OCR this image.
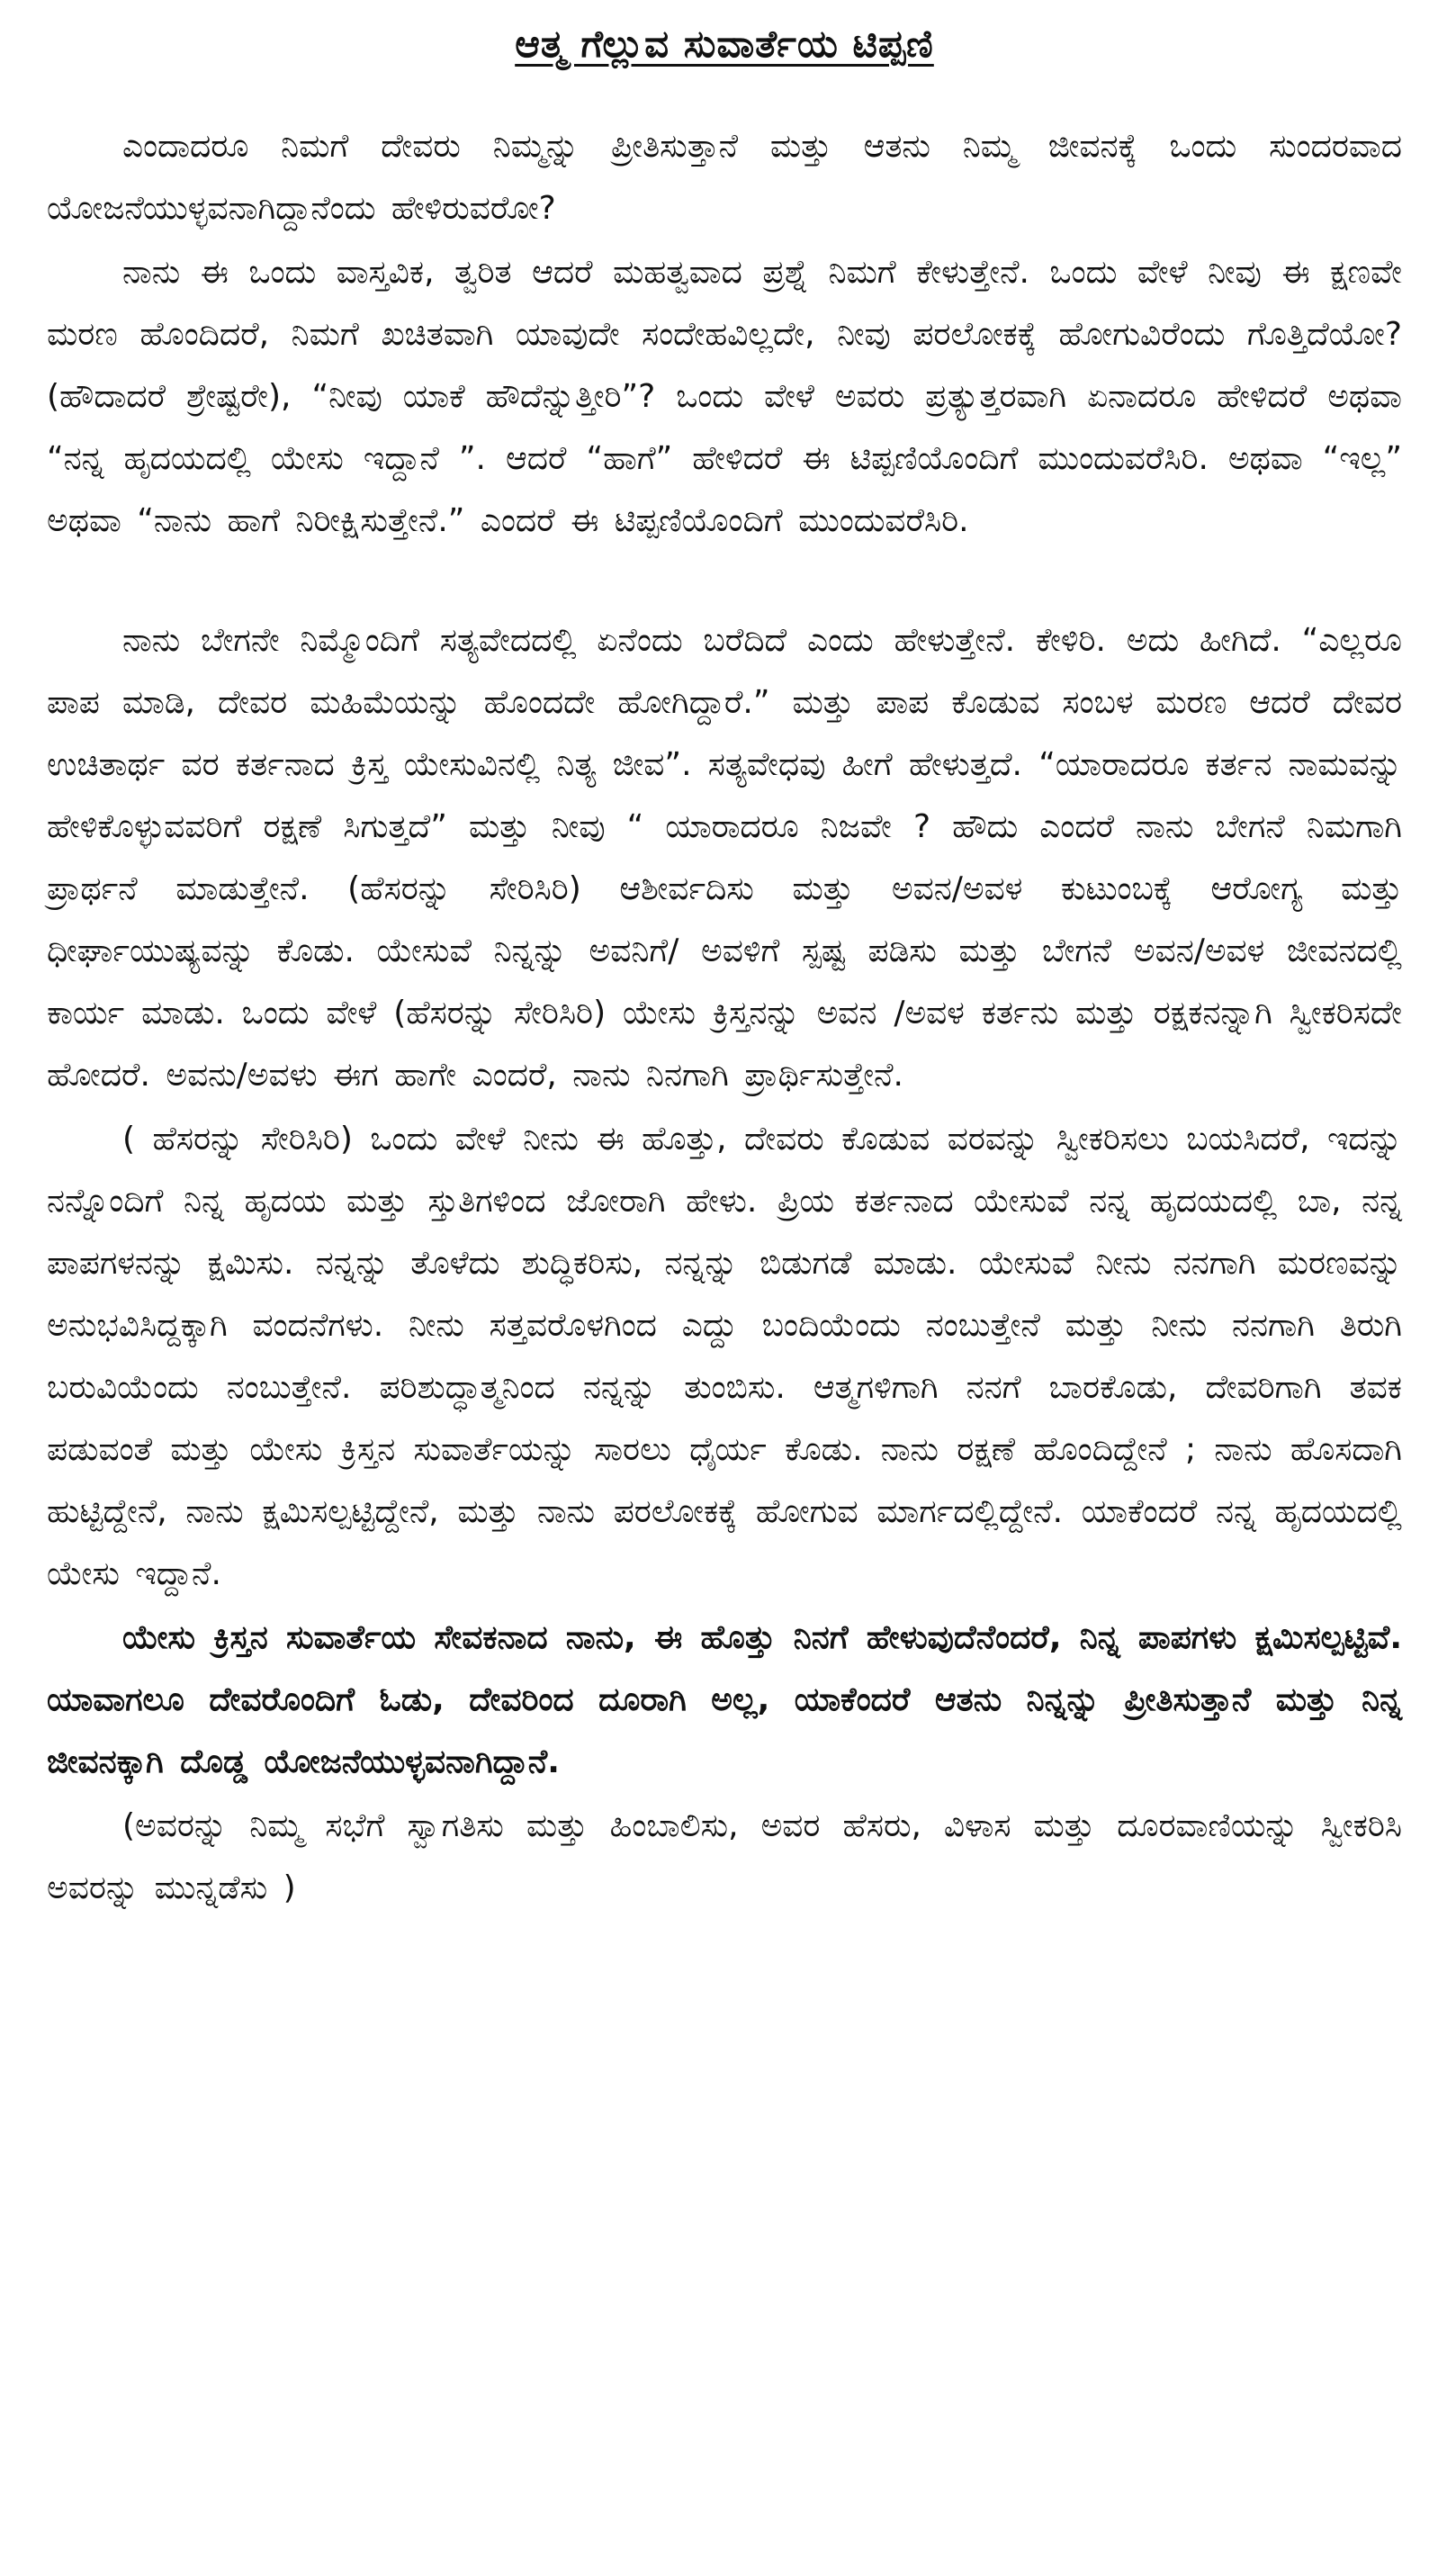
ಆತ್ಮ ಗೆಲ್ಲುವ ಸುವಾರ್ತೆಯ ಟಿಪ್ಪಣಿ

ಎಂದಾದರೂ ನಿಮಗೆ ದೇವರು ನಿಮ್ಮನ್ನು ಪ್ರೀತಿಸುತ್ತಾನೆ ಮತ್ತು ಆತನು ನಿಮ್ಮ ಜೀವನಕ್ಕೆ ಒಂದು ಸುಂದರವಾದ ಯೋಜನೆಯುಳ್ಳವನಾಗಿದ್ದಾನೆಂದು ಹೇಳಿರುವರೋ?

ನಾನು ಈ ಒಂದು ವಾಸ್ತವಿಕ, ತ್ವರಿತ ಆದರೆ ಮಹತ್ವವಾದ ಪ್ರಶ್ನೆ ನಿಮಗೆ ಕೇಳುತ್ತೇನೆ. ಒಂದು ವೇಳೆ ನೀವು ಈ ಕ್ಷಣವೇ ಮರಣ ಹೊಂದಿದರೆ, ನಿಮಗೆ ಖಚಿತವಾಗಿ ಯಾವುದೇ ಸಂದೇಹವಿಲ್ಲದೇ, ನೀವು ಪರಲೋಕಕ್ಕೆ ಹೋಗುವಿರೆಂದು ಗೊತ್ತಿದೆಯೋ? (ಹೌದಾದರೆ ಶ್ರೇಷ್ಟರೇ), “ನೀವು ಯಾಕೆ ಹೌದೆನ್ನುತ್ತೀರಿ”? ಒಂದು ವೇಳೆ ಅವರು ಪ್ರತ್ಯುತ್ತರವಾಗಿ ಏನಾದರೂ ಹೇಳಿದರೆ ಅಥವಾ “ನನ್ನ ಹೃದಯದಲ್ಲಿ ಯೇಸು ಇದ್ದಾನೆ ”. ಆದರೆ “ಹಾಗೆ” ಹೇಳಿದರೆ ಈ ಟಿಪ್ಪಣಿಯೊಂದಿಗೆ ಮುಂದುವರೆಸಿರಿ. ಅಥವಾ “ಇಲ್ಲ” ಅಥವಾ “ನಾನು ಹಾಗೆ ನಿರೀಕ್ಷಿಸುತ್ತೇನೆ.” ಎಂದರೆ ಈ ಟಿಪ್ಪಣಿಯೊಂದಿಗೆ ಮುಂದುವರೆಸಿರಿ.

ನಾನು ಬೇಗನೇ ನಿಮ್ಮೊಂದಿಗೆ ಸತ್ಯವೇದದಲ್ಲಿ ಏನೆಂದು ಬರೆದಿದೆ ಎಂದು ಹೇಳುತ್ತೇನೆ. ಕೇಳಿರಿ. ಅದು ಹೀಗಿದೆ. “ಎಲ್ಲರೂ ಪಾಪ ಮಾಡಿ, ದೇವರ ಮಹಿಮೆಯನ್ನು ಹೊಂದದೇ ಹೋಗಿದ್ದಾರೆ.” ಮತ್ತು ಪಾಪ ಕೊಡುವ ಸಂಬಳ ಮರಣ ಆದರೆ ದೇವರ ಉಚಿತಾರ್ಥ ವರ ಕರ್ತನಾದ ಕ್ರಿಸ್ತ ಯೇಸುವಿನಲ್ಲಿ ನಿತ್ಯ ಜೀವ”. ಸತ್ಯವೇಧವು ಹೀಗೆ ಹೇಳುತ್ತದೆ. “ಯಾರಾದರೂ ಕರ್ತನ ನಾಮವನ್ನು ಹೇಳಿಕೊಳ್ಳುವವರಿಗೆ ರಕ್ಷಣೆ ಸಿಗುತ್ತದೆ” ಮತ್ತು ನೀವು “ ಯಾರಾದರೂ ನಿಜವೇ ? ಹೌದು ಎಂದರೆ ನಾನು ಬೇಗನೆ ನಿಮಗಾಗಿ ಪ್ರಾರ್ಥನೆ ಮಾಡುತ್ತೇನೆ. (ಹೆಸರನ್ನು ಸೇರಿಸಿರಿ) ಆಶೀರ್ವದಿಸು ಮತ್ತು ಅವನ/ಅವಳ ಕುಟುಂಬಕ್ಕೆ ಆರೋಗ್ಯ ಮತ್ತು ಧೀರ್ಘಾಯುಷ್ಯವನ್ನು ಕೊಡು. ಯೇಸುವೆ ನಿನ್ನನ್ನು ಅವನಿಗೆ/ ಅವಳಿಗೆ ಸ್ಪಷ್ಟ ಪಡಿಸು ಮತ್ತು ಬೇಗನೆ ಅವನ/ಅವಳ ಜೀವನದಲ್ಲಿ ಕಾರ್ಯ ಮಾಡು. ಒಂದು ವೇಳೆ (ಹೆಸರನ್ನು ಸೇರಿಸಿರಿ) ಯೇಸು ಕ್ರಿಸ್ತನನ್ನು ಅವನ /ಅವಳ ಕರ್ತನು ಮತ್ತು ರಕ್ಷಕನನ್ನಾಗಿ ಸ್ವೀಕರಿಸದೇ ಹೋದರೆ. ಅವನು/ಅವಳು ಈಗ ಹಾಗೇ ಎಂದರೆ, ನಾನು ನಿನಗಾಗಿ ಪ್ರಾರ್ಥಿಸುತ್ತೇನೆ.

( ಹೆಸರನ್ನು ಸೇರಿಸಿರಿ) ಒಂದು ವೇಳೆ ನೀನು ಈ ಹೊತ್ತು, ದೇವರು ಕೊಡುವ ವರವನ್ನು ಸ್ವೀಕರಿಸಲು ಬಯಸಿದರೆ, ಇದನ್ನು ನನ್ನೊಂದಿಗೆ ನಿನ್ನ ಹೃದಯ ಮತ್ತು ಸ್ತುತಿಗಳಿಂದ ಜೋರಾಗಿ ಹೇಳು. ಪ್ರಿಯ ಕರ್ತನಾದ ಯೇಸುವೆ ನನ್ನ ಹೃದಯದಲ್ಲಿ ಬಾ, ನನ್ನ ಪಾಪಗಳನನ್ನು ಕ್ಷಮಿಸು. ನನ್ನನ್ನು ತೊಳೆದು ಶುದ್ಧಿಕರಿಸು, ನನ್ನನ್ನು ಬಿಡುಗಡೆ ಮಾಡು. ಯೇಸುವೆ ನೀನು ನನಗಾಗಿ ಮರಣವನ್ನು ಅನುಭವಿಸಿದ್ದಕ್ಕಾಗಿ ವಂದನೆಗಳು. ನೀನು ಸತ್ತವರೊಳಗಿಂದ ಎದ್ದು ಬಂದಿಯೆಂದು ನಂಬುತ್ತೇನೆ ಮತ್ತು ನೀನು ನನಗಾಗಿ ತಿರುಗಿ ಬರುವಿಯೆಂದು ನಂಬುತ್ತೇನೆ. ಪರಿಶುದ್ಧಾತ್ಮನಿಂದ ನನ್ನನ್ನು ತುಂಬಿಸು. ಆತ್ಮಗಳಿಗಾಗಿ ನನಗೆ ಬಾರಕೊಡು, ದೇವರಿಗಾಗಿ ತವಕ ಪಡುವಂತೆ ಮತ್ತು ಯೇಸು ಕ್ರಿಸ್ತನ ಸುವಾರ್ತೆಯನ್ನು ಸಾರಲು ಧೈರ್ಯ ಕೊಡು. ನಾನು ರಕ್ಷಣೆ ಹೊಂದಿದ್ದೇನೆ ; ನಾನು ಹೊಸದಾಗಿ ಹುಟ್ಟಿದ್ದೇನೆ, ನಾನು ಕ್ಷಮಿಸಲ್ಪಟ್ಟಿದ್ದೇನೆ, ಮತ್ತು ನಾನು ಪರಲೋಕಕ್ಕೆ ಹೋಗುವ ಮಾರ್ಗದಲ್ಲಿದ್ದೇನೆ. ಯಾಕೆಂದರೆ ನನ್ನ ಹೃದಯದಲ್ಲಿ ಯೇಸು ಇದ್ದಾನೆ.

ಯೇಸು ಕ್ರಿಸ್ತನ ಸುವಾರ್ತೆಯ ಸೇವಕನಾದ ನಾನು, ಈ ಹೊತ್ತು ನಿನಗೆ ಹೇಳುವುದೆನೆಂದರೆ, ನಿನ್ನ ಪಾಪಗಳು ಕ್ಷಮಿಸಲ್ಪಟ್ಟಿವೆ. ಯಾವಾಗಲೂ ದೇವರೊಂದಿಗೆ ಓಡು, ದೇವರಿಂದ ದೂರಾಗಿ ಅಲ್ಲ, ಯಾಕೆಂದರೆ ಆತನು ನಿನ್ನನ್ನು ಪ್ರೀತಿಸುತ್ತಾನೆ ಮತ್ತು ನಿನ್ನ ಜೀವನಕ್ಕಾಗಿ ದೊಡ್ಡ ಯೋಜನೆಯುಳ್ಳವನಾಗಿದ್ದಾನೆ.

(ಅವರನ್ನು ನಿಮ್ಮ ಸಭೆಗೆ ಸ್ವಾಗತಿಸು ಮತ್ತು ಹಿಂಬಾಲಿಸು, ಅವರ ಹೆಸರು, ವಿಳಾಸ ಮತ್ತು ದೂರವಾಣಿಯನ್ನು ಸ್ವೀಕರಿಸಿ ಅವರನ್ನು ಮುನ್ನಡೆಸು )
